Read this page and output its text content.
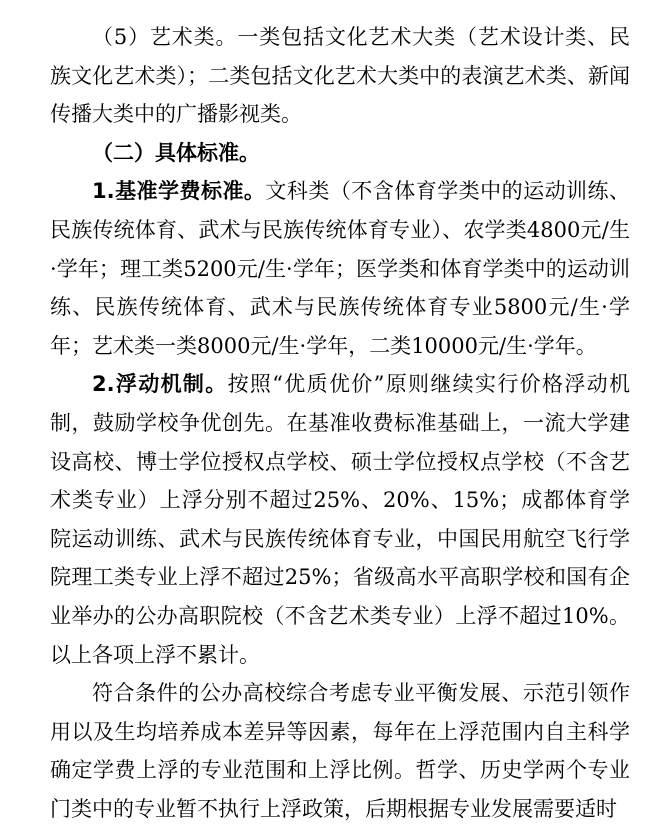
（5）艺术类。一类包括文化艺术大类（艺术设计类、民族文化艺术类）；二类包括文化艺术大类中的表演艺术类、新闻传播大类中的广播影视类。

（二）具体标准。

1.基准学费标准。文科类（不含体育学类中的运动训练、民族传统体育、武术与民族传统体育专业）、农学类4800元/生·学年；理工类5200元/生·学年；医学类和体育学类中的运动训练、民族传统体育、武术与民族传统体育专业5800元/生·学年；艺术类一类8000元/生·学年，二类10000元/生·学年。

2.浮动机制。按照“优质优价”原则继续实行价格浮动机制，鼓励学校争优创先。在基准收费标准基础上，一流大学建设高校、博士学位授权点学校、硕士学位授权点学校（不含艺术类专业）上浮分别不超过25%、20%、15%；成都体育学院运动训练、武术与民族传统体育专业，中国民用航空飞行学院理工类专业上浮不超过25%；省级高水平高职学校和国有企业举办的公办高职院校（不含艺术类专业）上浮不超过10%。以上各项上浮不累计。

符合条件的公办高校综合考虑专业平衡发展、示范引领作用以及生均培养成本差异等因素，每年在上浮范围内自主科学确定学费上浮的专业范围和上浮比例。哲学、历史学两个专业门类中的专业暂不执行上浮政策，后期根据专业发展需要适时
